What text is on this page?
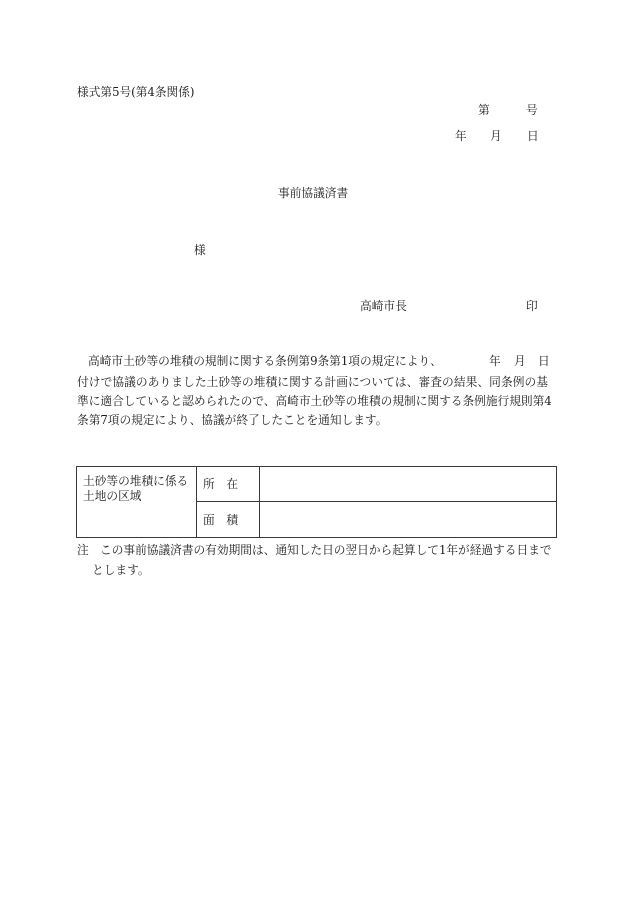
様式第5号(第4条関係)
第	号
年 月 日
事前協議済書
様
高崎市長	印
高崎市土砂等の堆積の規制に関する条例第9条第1項の規定により、	年 月 日
付けで協議のありました土砂等の堆積に関する計画については、審査の結果、同条例の基
準に適合していると認められたので、高崎市土砂等の堆積の規制に関する条例施行規則第4
条第7項の規定により、協議が終了したことを通知します。
土砂等の堆積に係る
土地の区域	所　在	
	面　積	
注 この事前協議済書の有効期間は、通知した日の翌日から起算して1年が経過する日まで
とします。
